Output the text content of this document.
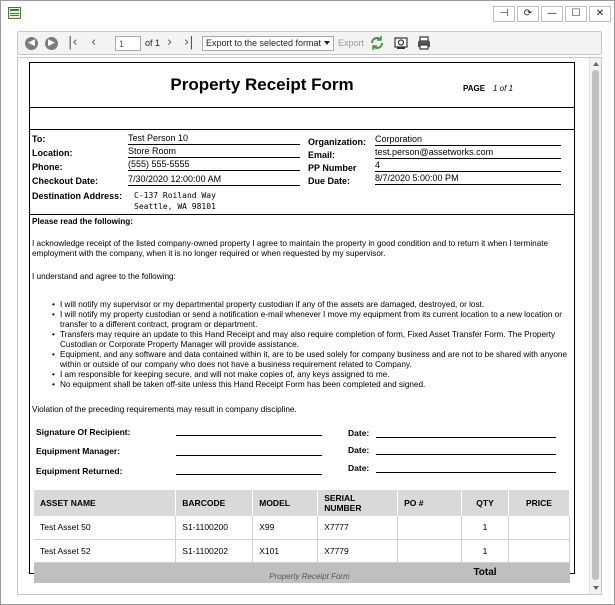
⊣	⟳	—	☐	✕
◀	▶ |‹ ‹
1	of 1 › ›|	Export to the selected format	Export
Property Receipt Form	PAGE 1 of 1
To:	Test Person 10
Location:	Store Room
Phone:	(555) 555-5555
Checkout Date:	7/30/2020 12:00:00 AM
Destination Address: C-137 Roiland Way
Seattle, WA 98101
Organization: Corporation
Email:	test.person@assetworks.com
PP Number 4
Due Date:	8/7/2020 5:00:00 PM
Please read the following:
I acknowledge receipt of the listed company-owned property I agree to maintain the property in good condition and to return it when I terminate employment with the company, when it is no longer required or when requested by my supervisor.
I understand and agree to the following:
• I will notify my supervisor or my departmental property custodian if any of the assets are damaged, destroyed, or lost.
• I will notify my property custodian or send a notification e-mail whenever I move my equipment from its current location to a new location or transfer to a different contract, program or department.
• Transfers may require an update to this Hand Receipt and may also require completion of form, Fixed Asset Transfer Form. The Property Custodian or Corporate Property Manager will provide assistance.
• Equipment, and any software and data contained within it, are to be used solely for company business and are not to be shared with anyone within or outside of our company who does not have a business requirement related to Company.
• I am responsible for keeping secure, and will not make copies of, any keys assigned to me.
• No equipment shall be taken off-site unless this Hand Receipt Form has been completed and signed.
Violation of the preceding requirements may result in company discipline.
Signature Of Recipient:	Date:
Equipment Manager:	Date:
Equipment Returned:	Date:
ASSET NAME	BARCODE	MODEL	SERIAL NUMBER	PO #	QTY	PRICE
Test Asset 50	S1-1100200	X99	X7777		1	
Test Asset 52	S1-1100202	X101	X7779		1	
					Total	
Property Receipt Form
